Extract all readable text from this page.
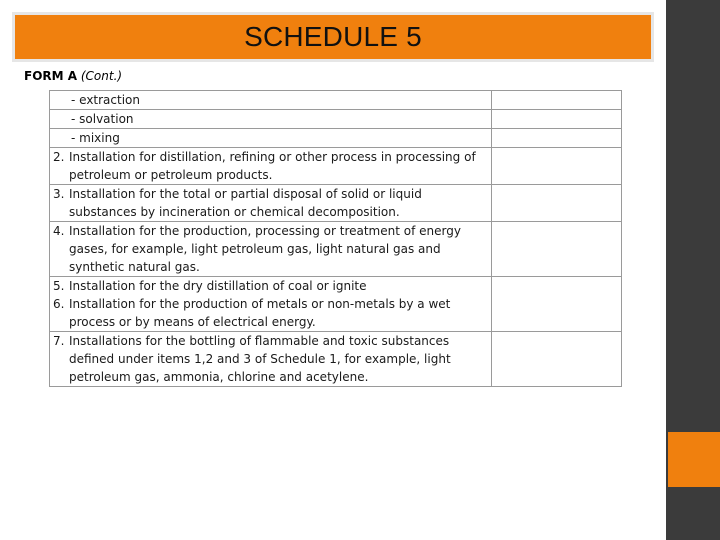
SCHEDULE 5
FORM A (Cont.)
- extraction	

- solvation	

- mixing	

2. Installation for distillation, refining or other process in processing of petroleum or petroleum products.	

3. Installation for the total or partial disposal of solid or liquid substances by incineration or chemical decomposition.	

4. Installation for the production, processing or treatment of energy gases, for example, light petroleum gas, light natural gas and synthetic natural gas.	

5. Installation for the dry distillation of coal or ignite
6. Installation for the production of metals or non-metals by a wet process or by means of electrical energy.	

7. Installations for the bottling of flammable and toxic substances defined under items 1,2 and 3 of Schedule 1, for example, light petroleum gas, ammonia, chlorine and acetylene.	
